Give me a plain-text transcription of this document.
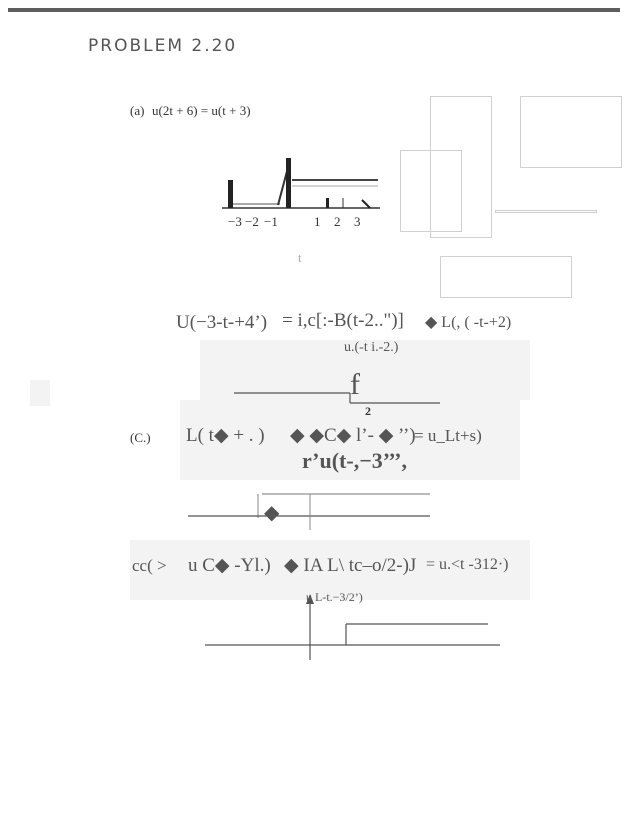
PROBLEM 2.20
(a) u(2t + 6) = u(t + 3)
−3 −2 −1	1 2 3
t
U(−3-t-+4’) = i,c[:-B(t-2..")] ◆ L(, ( -t-+2)
u.(-t i.-2.)
f
2
(C.) L( t◆ + . ) ◆ ◆C◆ l’- ◆ ’’)
= u_Lt+s)
r’u(t-,−3’’’,
◆
cc( > u C◆ -Yl.) ◆ IA L\ tc–o/2-)J = u.<t -312·)
u L-t.−3/2’)
